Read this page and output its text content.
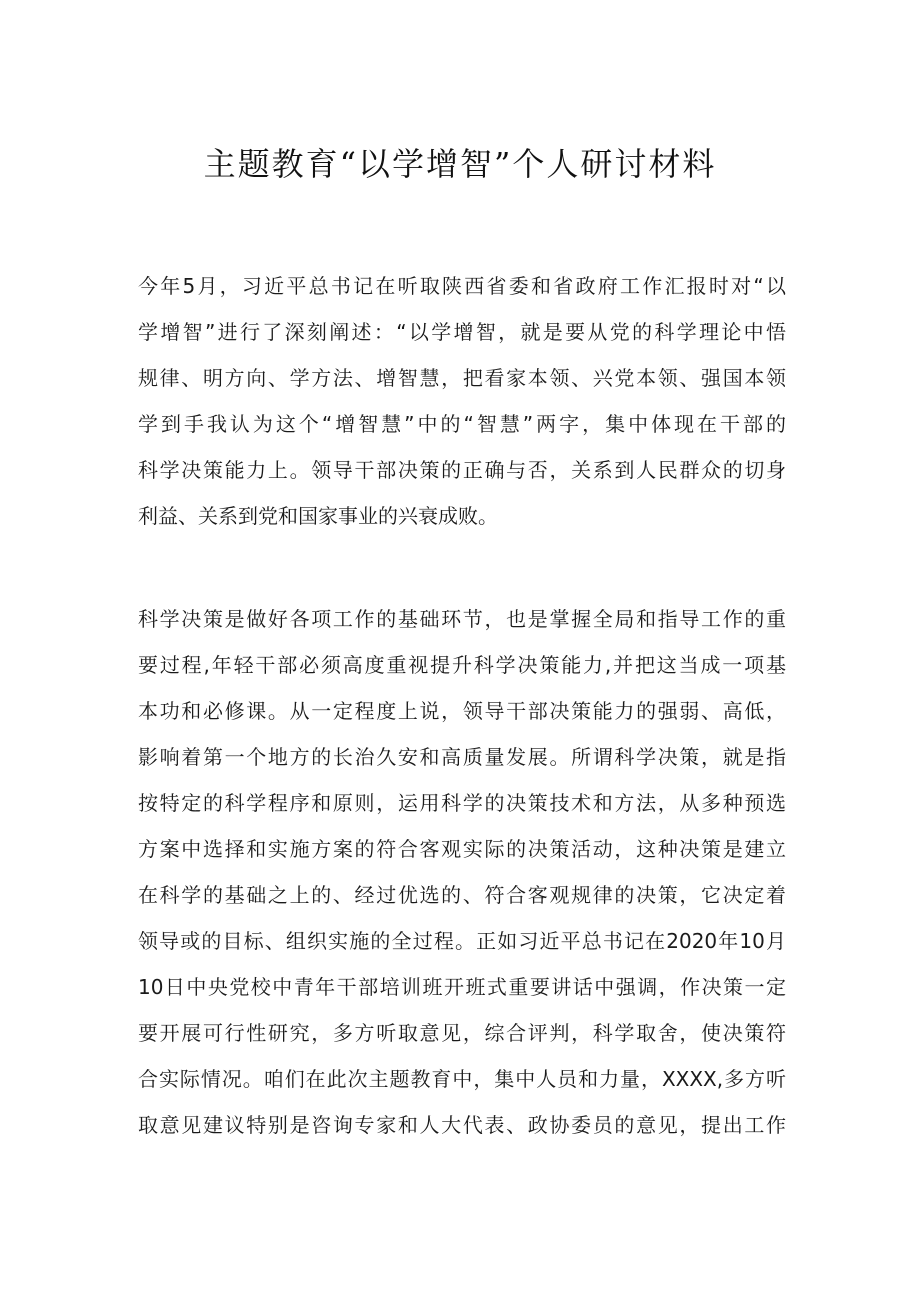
主题教育“以学增智”个人研讨材料
今年5月，习近平总书记在听取陕西省委和省政府工作汇报时对“以
学增智”进行了深刻阐述：“以学增智，就是要从党的科学理论中悟
规律、明方向、学方法、增智慧，把看家本领、兴党本领、强国本领
学到手我认为这个“增智慧”中的“智慧”两字，集中体现在干部的
科学决策能力上。领导干部决策的正确与否，关系到人民群众的切身
利益、关系到党和国家事业的兴衰成败。
科学决策是做好各项工作的基础环节，也是掌握全局和指导工作的重
要过程,年轻干部必须高度重视提升科学决策能力,并把这当成一项基
本功和必修课。从一定程度上说，领导干部决策能力的强弱、高低，
影响着第一个地方的长治久安和高质量发展。所谓科学决策，就是指
按特定的科学程序和原则，运用科学的决策技术和方法，从多种预选
方案中选择和实施方案的符合客观实际的决策活动，这种决策是建立
在科学的基础之上的、经过优选的、符合客观规律的决策，它决定着
领导或的目标、组织实施的全过程。正如习近平总书记在2020年10月
10日中央党校中青年干部培训班开班式重要讲话中强调，作决策一定
要开展可行性研究，多方听取意见，综合评判，科学取舍，使决策符
合实际情况。咱们在此次主题教育中，集中人员和力量，XXXX,多方听
取意见建议特别是咨询专家和人大代表、政协委员的意见，提出工作
